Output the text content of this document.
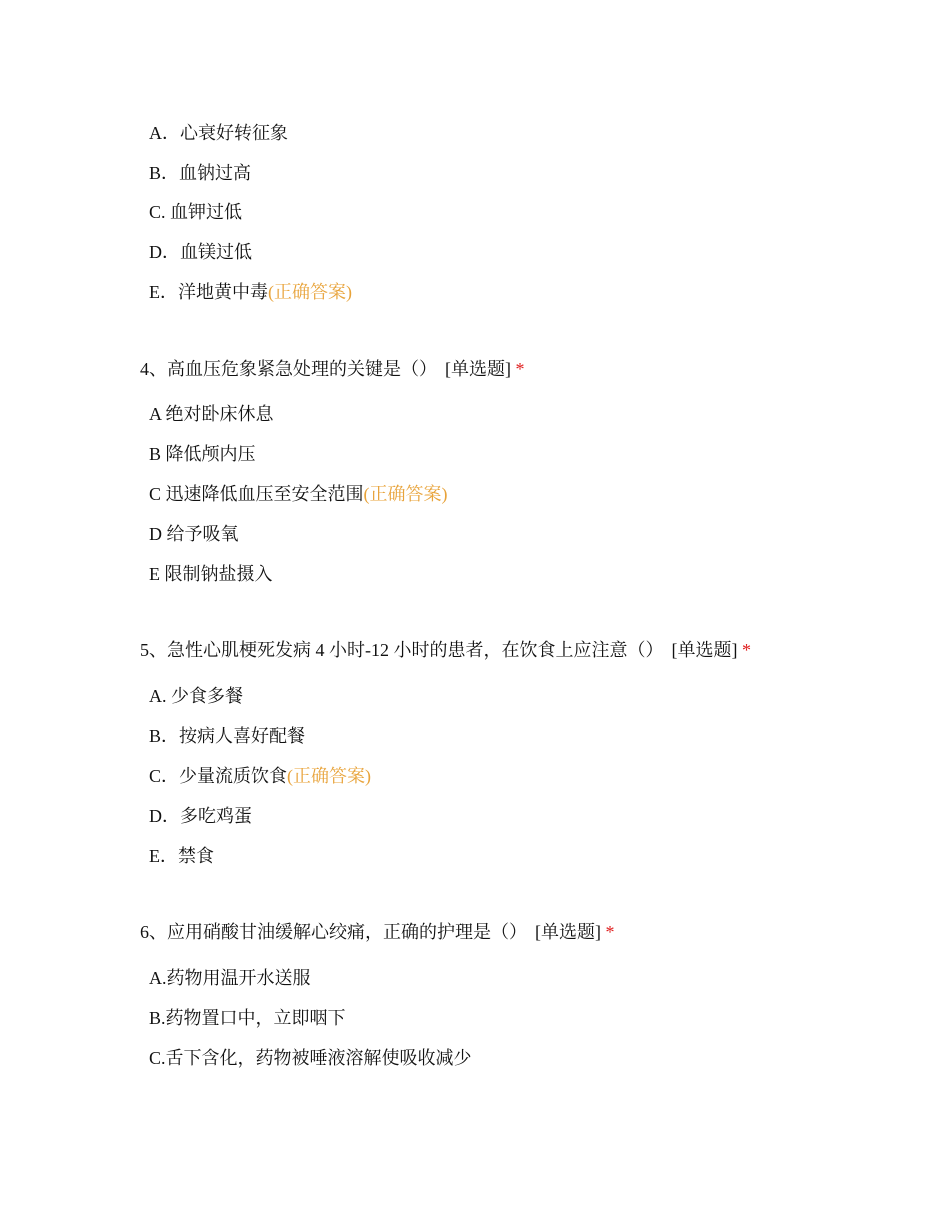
A．心衰好转征象
B．血钠过高
C. 血钾过低
D．血镁过低
E．洋地黄中毒(正确答案)
4、高血压危象紧急处理的关键是（） [单选题] *
A 绝对卧床休息
B 降低颅内压
C 迅速降低血压至安全范围(正确答案)
D 给予吸氧
E 限制钠盐摄入
5、急性心肌梗死发病 4 小时-12 小时的患者，在饮食上应注意（） [单选题] *
A. 少食多餐
B．按病人喜好配餐
C．少量流质饮食(正确答案)
D．多吃鸡蛋
E．禁食
6、应用硝酸甘油缓解心绞痛，正确的护理是（） [单选题] *
A.药物用温开水送服
B.药物置口中，立即咽下
C.舌下含化，药物被唾液溶解使吸收减少
